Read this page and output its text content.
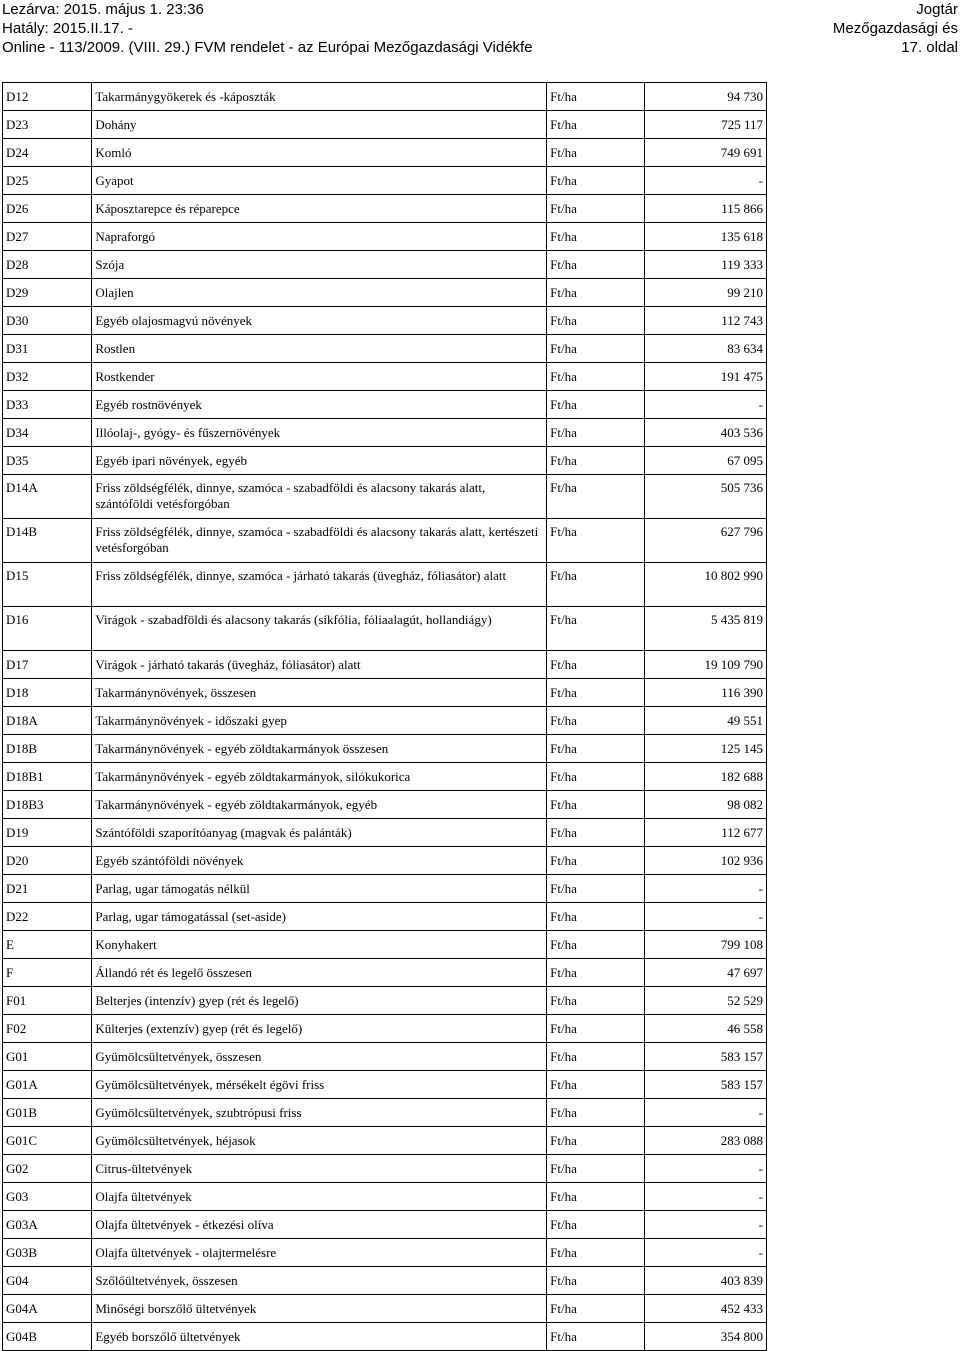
Lezárva: 2015. május 1. 23:36
Hatály: 2015.II.17. -
Online - 113/2009. (VIII. 29.) FVM rendelet - az Európai Mezőgazdasági Vidékfe
Jogtár
Mezőgazdasági és
17. oldal
D12	Takarmánygyökerek és -káposzták	Ft/ha	94 730
D23	Dohány	Ft/ha	725 117
D24	Komló	Ft/ha	749 691
D25	Gyapot	Ft/ha	-
D26	Káposztarepce és réparepce	Ft/ha	115 866
D27	Napraforgó	Ft/ha	135 618
D28	Szója	Ft/ha	119 333
D29	Olajlen	Ft/ha	99 210
D30	Egyéb olajosmagvú növények	Ft/ha	112 743
D31	Rostlen	Ft/ha	83 634
D32	Rostkender	Ft/ha	191 475
D33	Egyéb rostnövények	Ft/ha	-
D34	Illóolaj-, gyógy- és fűszernövények	Ft/ha	403 536
D35	Egyéb ipari növények, egyéb	Ft/ha	67 095
D14A	Friss zöldségfélék, dinnye, szamóca - szabadföldi és alacsony takarás alatt, szántóföldi vetésforgóban	Ft/ha	505 736
D14B	Friss zöldségfélék, dinnye, szamóca - szabadföldi és alacsony takarás alatt, kertészeti vetésforgóban	Ft/ha	627 796
D15	Friss zöldségfélék, dinnye, szamóca - járható takarás (üvegház, fóliasátor) alatt	Ft/ha	10 802 990
D16	Virágok - szabadföldi és alacsony takarás (síkfólia, fóliaalagút, hollandiágy)	Ft/ha	5 435 819
D17	Virágok - járható takarás (üvegház, fóliasátor) alatt	Ft/ha	19 109 790
D18	Takarmánynövények, összesen	Ft/ha	116 390
D18A	Takarmánynövények - időszaki gyep	Ft/ha	49 551
D18B	Takarmánynövények - egyéb zöldtakarmányok összesen	Ft/ha	125 145
D18B1	Takarmánynövények - egyéb zöldtakarmányok, silókukorica	Ft/ha	182 688
D18B3	Takarmánynövények - egyéb zöldtakarmányok, egyéb	Ft/ha	98 082
D19	Szántóföldi szaporítóanyag (magvak és palánták)	Ft/ha	112 677
D20	Egyéb szántóföldi növények	Ft/ha	102 936
D21	Parlag, ugar támogatás nélkül	Ft/ha	-
D22	Parlag, ugar támogatással (set-aside)	Ft/ha	-
E	Konyhakert	Ft/ha	799 108
F	Állandó rét és legelő összesen	Ft/ha	47 697
F01	Belterjes (intenzív) gyep (rét és legelő)	Ft/ha	52 529
F02	Külterjes (extenzív) gyep (rét és legelő)	Ft/ha	46 558
G01	Gyümölcsültetvények, összesen	Ft/ha	583 157
G01A	Gyümölcsültetvények, mérsékelt égövi friss	Ft/ha	583 157
G01B	Gyümölcsültetvények, szubtrópusi friss	Ft/ha	-
G01C	Gyümölcsültetvények, héjasok	Ft/ha	283 088
G02	Citrus-ültetvények	Ft/ha	-
G03	Olajfa ültetvények	Ft/ha	-
G03A	Olajfa ültetvények - étkezési olíva	Ft/ha	-
G03B	Olajfa ültetvények - olajtermelésre	Ft/ha	-
G04	Szőlőültetvények, összesen	Ft/ha	403 839
G04A	Minőségi borszőlő ültetvények	Ft/ha	452 433
G04B	Egyéb borszőlő ültetvények	Ft/ha	354 800
